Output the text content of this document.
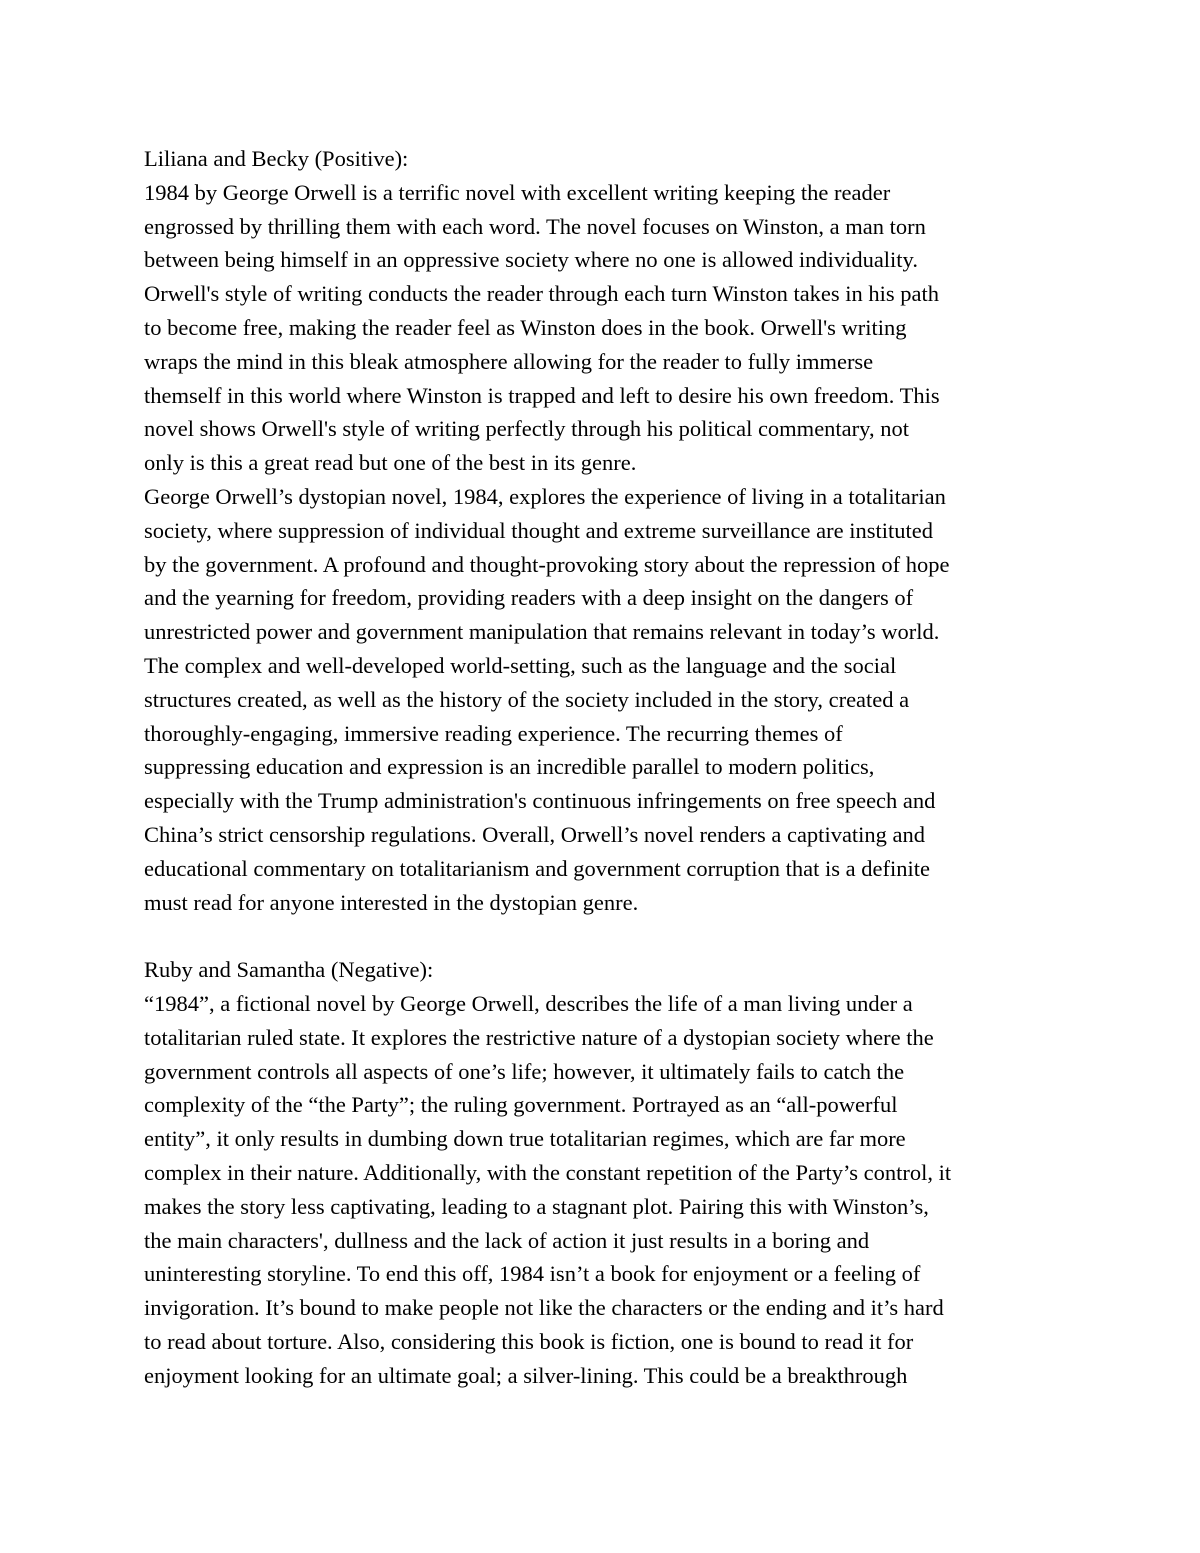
Liliana and Becky (Positive):
1984 by George Orwell is a terrific novel with excellent writing keeping the reader
engrossed by thrilling them with each word. The novel focuses on Winston, a man torn
between being himself in an oppressive society where no one is allowed individuality.
Orwell's style of writing conducts the reader through each turn Winston takes in his path
to become free, making the reader feel as Winston does in the book. Orwell's writing
wraps the mind in this bleak atmosphere allowing for the reader to fully immerse
themself in this world where Winston is trapped and left to desire his own freedom. This
novel shows Orwell's style of writing perfectly through his political commentary, not
only is this a great read but one of the best in its genre.
George Orwell’s dystopian novel, 1984, explores the experience of living in a totalitarian
society, where suppression of individual thought and extreme surveillance are instituted
by the government. A profound and thought-provoking story about the repression of hope
and the yearning for freedom, providing readers with a deep insight on the dangers of
unrestricted power and government manipulation that remains relevant in today’s world.
The complex and well-developed world-setting, such as the language and the social
structures created, as well as the history of the society included in the story, created a
thoroughly-engaging, immersive reading experience. The recurring themes of
suppressing education and expression is an incredible parallel to modern politics,
especially with the Trump administration's continuous infringements on free speech and
China’s strict censorship regulations. Overall, Orwell’s novel renders a captivating and
educational commentary on totalitarianism and government corruption that is a definite
must read for anyone interested in the dystopian genre.
Ruby and Samantha (Negative):
“1984”, a fictional novel by George Orwell, describes the life of a man living under a
totalitarian ruled state. It explores the restrictive nature of a dystopian society where the
government controls all aspects of one’s life; however, it ultimately fails to catch the
complexity of the “the Party”; the ruling government. Portrayed as an “all-powerful
entity”, it only results in dumbing down true totalitarian regimes, which are far more
complex in their nature. Additionally, with the constant repetition of the Party’s control, it
makes the story less captivating, leading to a stagnant plot. Pairing this with Winston’s,
the main characters', dullness and the lack of action it just results in a boring and
uninteresting storyline. To end this off, 1984 isn’t a book for enjoyment or a feeling of
invigoration. It’s bound to make people not like the characters or the ending and it’s hard
to read about torture. Also, considering this book is fiction, one is bound to read it for
enjoyment looking for an ultimate goal; a silver-lining. This could be a breakthrough
